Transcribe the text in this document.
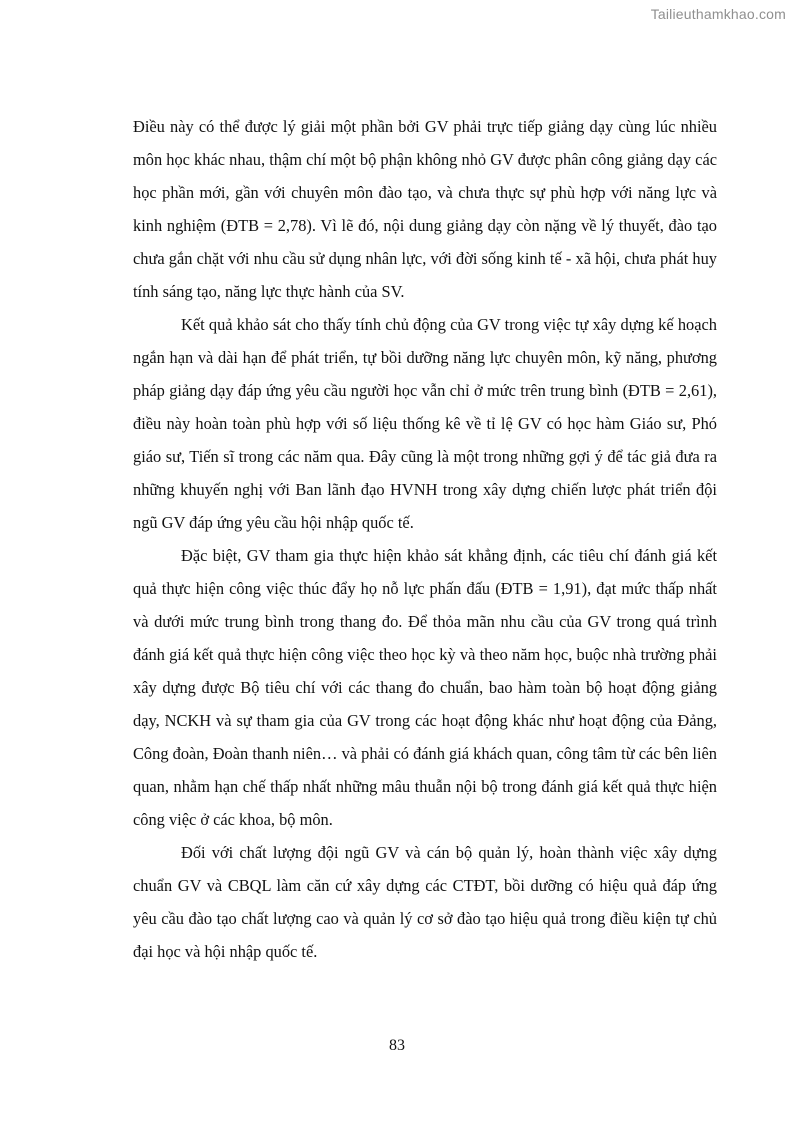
Tailieuthamkhao.com

Điều này có thể được lý giải một phần bởi GV phải trực tiếp giảng dạy cùng lúc nhiều môn học khác nhau, thậm chí một bộ phận không nhỏ GV được phân công giảng dạy các học phần mới, gần với chuyên môn đào tạo, và chưa thực sự phù hợp với năng lực và kinh nghiệm (ĐTB = 2,78). Vì lẽ đó, nội dung giảng dạy còn nặng về lý thuyết, đào tạo chưa gắn chặt với nhu cầu sử dụng nhân lực, với đời sống kinh tế - xã hội, chưa phát huy tính sáng tạo, năng lực thực hành của SV.

Kết quả khảo sát cho thấy tính chủ động của GV trong việc tự xây dựng kế hoạch ngắn hạn và dài hạn để phát triển, tự bồi dưỡng năng lực chuyên môn, kỹ năng, phương pháp giảng dạy đáp ứng yêu cầu người học vẫn chỉ ở mức trên trung bình (ĐTB = 2,61), điều này hoàn toàn phù hợp với số liệu thống kê về tỉ lệ GV có học hàm Giáo sư, Phó giáo sư, Tiến sĩ trong các năm qua. Đây cũng là một trong những gợi ý để tác giả đưa ra những khuyến nghị với Ban lãnh đạo HVNH trong xây dựng chiến lược phát triển đội ngũ GV đáp ứng yêu cầu hội nhập quốc tế.

Đặc biệt, GV tham gia thực hiện khảo sát khẳng định, các tiêu chí đánh giá kết quả thực hiện công việc thúc đẩy họ nỗ lực phấn đấu (ĐTB = 1,91), đạt mức thấp nhất và dưới mức trung bình trong thang đo. Để thỏa mãn nhu cầu của GV trong quá trình đánh giá kết quả thực hiện công việc theo học kỳ và theo năm học, buộc nhà trường phải xây dựng được Bộ tiêu chí với các thang đo chuẩn, bao hàm toàn bộ hoạt động giảng dạy, NCKH và sự tham gia của GV trong các hoạt động khác như hoạt động của Đảng, Công đoàn, Đoàn thanh niên… và phải có đánh giá khách quan, công tâm từ các bên liên quan, nhằm hạn chế thấp nhất những mâu thuẫn nội bộ trong đánh giá kết quả thực hiện công việc ở các khoa, bộ môn.

Đối với chất lượng đội ngũ GV và cán bộ quản lý, hoàn thành việc xây dựng chuẩn GV và CBQL làm căn cứ xây dựng các CTĐT, bồi dưỡng có hiệu quả đáp ứng yêu cầu đào tạo chất lượng cao và quản lý cơ sở đào tạo hiệu quả trong điều kiện tự chủ đại học và hội nhập quốc tế.

83
